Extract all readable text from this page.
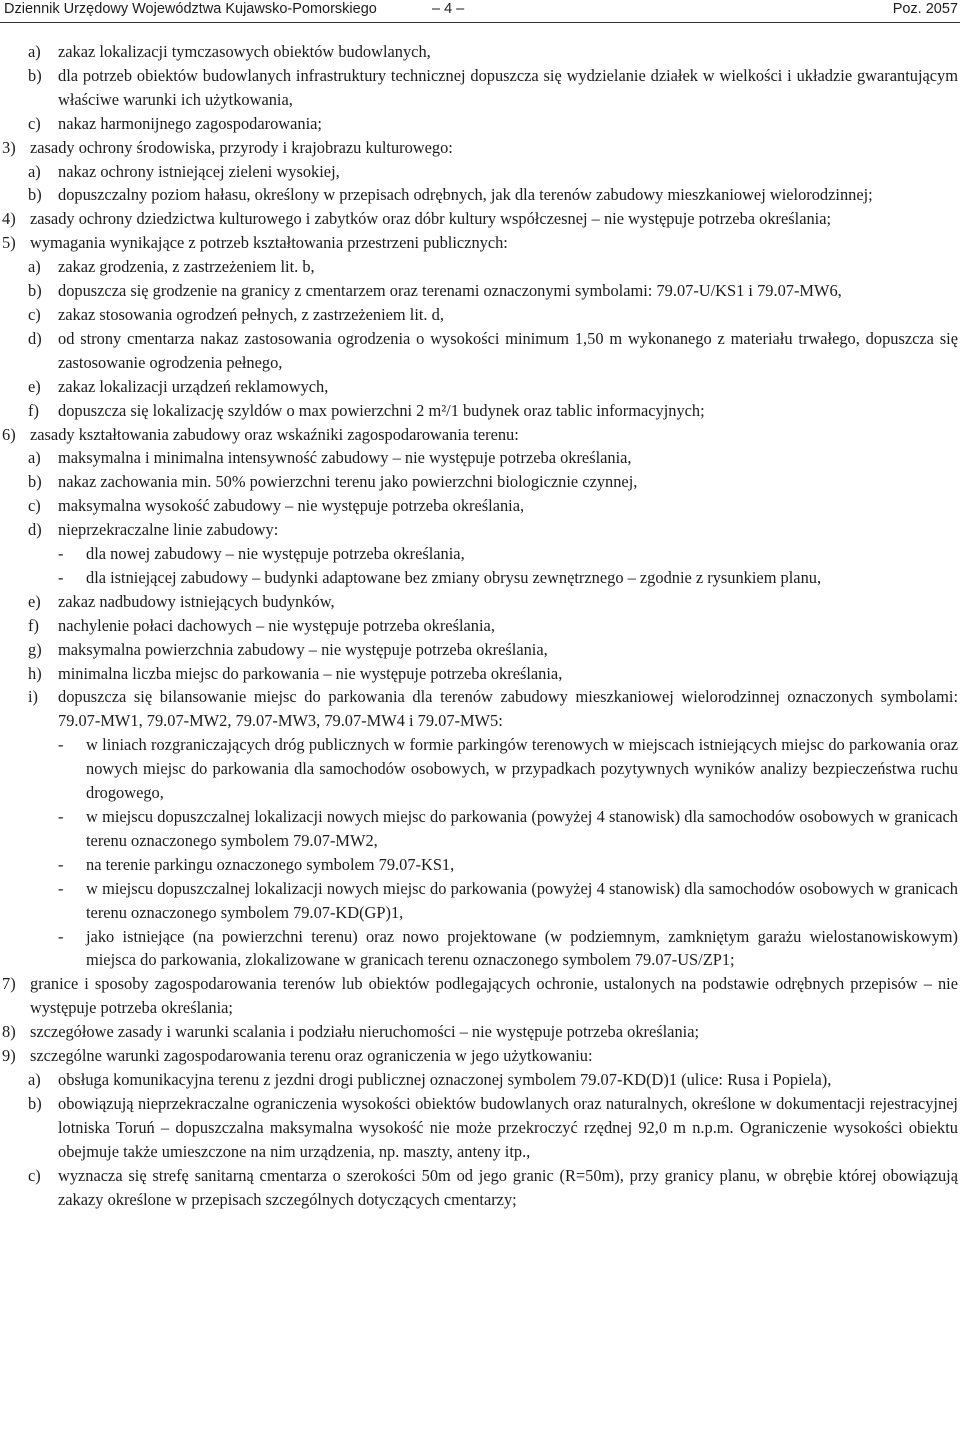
Dziennik Urzędowy Województwa Kujawsko-Pomorskiego	– 4 –	Poz. 2057
a)	zakaz lokalizacji tymczasowych obiektów budowlanych,
b) dla potrzeb obiektów budowlanych infrastruktury technicznej dopuszcza się wydzielanie działek w wielkości i układzie gwarantującym właściwe warunki ich użytkowania,
c)	nakaz harmonijnego zagospodarowania;
3) zasady ochrony środowiska, przyrody i krajobrazu kulturowego:
a)	nakaz ochrony istniejącej zieleni wysokiej,
b) dopuszczalny poziom hałasu, określony w przepisach odrębnych, jak dla terenów zabudowy mieszkaniowej wielorodzinnej;
4) zasady ochrony dziedzictwa kulturowego i zabytków oraz dóbr kultury współczesnej – nie występuje potrzeba określania;
5) wymagania wynikające z potrzeb kształtowania przestrzeni publicznych:
a)	zakaz grodzenia, z zastrzeżeniem lit. b,
b) dopuszcza się grodzenie na granicy z cmentarzem oraz terenami oznaczonymi symbolami: 79.07-U/KS1 i 79.07-MW6,
c)	zakaz stosowania ogrodzeń pełnych, z zastrzeżeniem lit. d,
d) od strony cmentarza nakaz zastosowania ogrodzenia o wysokości minimum 1,50 m wykonanego z materiału trwałego, dopuszcza się zastosowanie ogrodzenia pełnego,
e)	zakaz lokalizacji urządzeń reklamowych,
f)	dopuszcza się lokalizację szyldów o max powierzchni 2 m²/1 budynek oraz tablic informacyjnych;
6) zasady kształtowania zabudowy oraz wskaźniki zagospodarowania terenu:
a)	maksymalna i minimalna intensywność zabudowy – nie występuje potrzeba określania,
b) nakaz zachowania min. 50% powierzchni terenu jako powierzchni biologicznie czynnej,
c)	maksymalna wysokość zabudowy – nie występuje potrzeba określania,
d) nieprzekraczalne linie zabudowy:
-	dla nowej zabudowy – nie występuje potrzeba określania,
-	dla istniejącej zabudowy – budynki adaptowane bez zmiany obrysu zewnętrznego – zgodnie z rysunkiem planu,
e)	zakaz nadbudowy istniejących budynków,
f)	nachylenie połaci dachowych – nie występuje potrzeba określania,
g) maksymalna powierzchnia zabudowy – nie występuje potrzeba określania,
h) minimalna liczba miejsc do parkowania – nie występuje potrzeba określania,
i)	dopuszcza się bilansowanie miejsc do parkowania dla terenów zabudowy mieszkaniowej wielorodzinnej oznaczonych symbolami: 79.07-MW1, 79.07-MW2, 79.07-MW3, 79.07-MW4 i 79.07-MW5:
-	w liniach rozgraniczających dróg publicznych w formie parkingów terenowych w miejscach istniejących miejsc do parkowania oraz nowych miejsc do parkowania dla samochodów osobowych, w przypadkach pozytywnych wyników analizy bezpieczeństwa ruchu drogowego,
-	w miejscu dopuszczalnej lokalizacji nowych miejsc do parkowania (powyżej 4 stanowisk) dla samochodów osobowych w granicach terenu oznaczonego symbolem 79.07-MW2,
-	na terenie parkingu oznaczonego symbolem 79.07-KS1,
-	w miejscu dopuszczalnej lokalizacji nowych miejsc do parkowania (powyżej 4 stanowisk) dla samochodów osobowych w granicach terenu oznaczonego symbolem 79.07-KD(GP)1,
-	jako istniejące (na powierzchni terenu) oraz nowo projektowane (w podziemnym, zamkniętym garażu wielostanowiskowym) miejsca do parkowania, zlokalizowane w granicach terenu oznaczonego symbolem 79.07-US/ZP1;
7) granice i sposoby zagospodarowania terenów lub obiektów podlegających ochronie, ustalonych na podstawie odrębnych przepisów – nie występuje potrzeba określania;
8) szczegółowe zasady i warunki scalania i podziału nieruchomości – nie występuje potrzeba określania;
9) szczególne warunki zagospodarowania terenu oraz ograniczenia w jego użytkowaniu:
a)	obsługa komunikacyjna terenu z jezdni drogi publicznej oznaczonej symbolem 79.07-KD(D)1 (ulice: Rusa i Popiela),
b) obowiązują nieprzekraczalne ograniczenia wysokości obiektów budowlanych oraz naturalnych, określone w dokumentacji rejestracyjnej lotniska Toruń – dopuszczalna maksymalna wysokość nie może przekroczyć rzędnej 92,0 m n.p.m. Ograniczenie wysokości obiektu obejmuje także umieszczone na nim urządzenia, np. maszty, anteny itp.,
c)	wyznacza się strefę sanitarną cmentarza o szerokości 50m od jego granic (R=50m), przy granicy planu, w obrębie której obowiązują zakazy określone w przepisach szczególnych dotyczących cmentarzy;
